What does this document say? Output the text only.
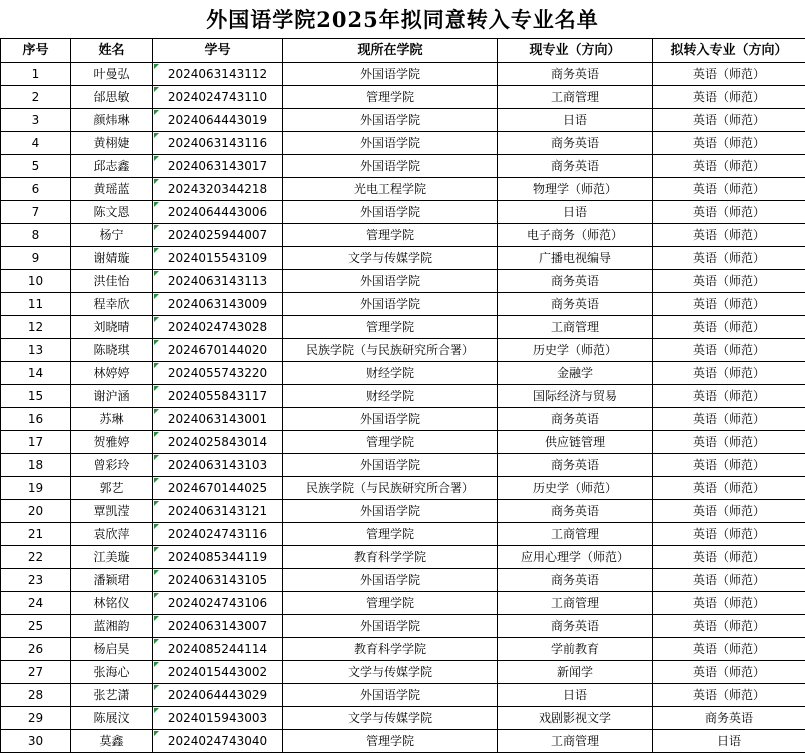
外国语学院2025年拟同意转入专业名单
序号	姓名	学号	现所在学院	现专业（方向）	拟转入专业（方向）
1	叶曼弘	2024063143112	外国语学院	商务英语	英语（师范）
2	邰思敏	2024024743110	管理学院	工商管理	英语（师范）
3	颜炜琳	2024064443019	外国语学院	日语	英语（师范）
4	黄栩婕	2024063143116	外国语学院	商务英语	英语（师范）
5	邱志鑫	2024063143017	外国语学院	商务英语	英语（师范）
6	黄瑶蓝	2024320344218	光电工程学院	物理学（师范）	英语（师范）
7	陈文恩	2024064443006	外国语学院	日语	英语（师范）
8	杨宁	2024025944007	管理学院	电子商务（师范）	英语（师范）
9	谢婧璇	2024015543109	文学与传媒学院	广播电视编导	英语（师范）
10	洪佳怡	2024063143113	外国语学院	商务英语	英语（师范）
11	程幸欣	2024063143009	外国语学院	商务英语	英语（师范）
12	刘晓晴	2024024743028	管理学院	工商管理	英语（师范）
13	陈晓琪	2024670144020	民族学院（与民族研究所合署）	历史学（师范）	英语（师范）
14	林婷婷	2024055743220	财经学院	金融学	英语（师范）
15	谢沪涵	2024055843117	财经学院	国际经济与贸易	英语（师范）
16	苏琳	2024063143001	外国语学院	商务英语	英语（师范）
17	贺雅婷	2024025843014	管理学院	供应链管理	英语（师范）
18	曾彩玲	2024063143103	外国语学院	商务英语	英语（师范）
19	郭艺	2024670144025	民族学院（与民族研究所合署）	历史学（师范）	英语（师范）
20	覃凯滢	2024063143121	外国语学院	商务英语	英语（师范）
21	袁欣萍	2024024743116	管理学院	工商管理	英语（师范）
22	江美璇	2024085344119	教育科学学院	应用心理学（师范）	英语（师范）
23	潘颖珺	2024063143105	外国语学院	商务英语	英语（师范）
24	林铭仪	2024024743106	管理学院	工商管理	英语（师范）
25	蓝湘韵	2024063143007	外国语学院	商务英语	英语（师范）
26	杨启昊	2024085244114	教育科学学院	学前教育	英语（师范）
27	张海心	2024015443002	文学与传媒学院	新闻学	英语（师范）
28	张艺潇	2024064443029	外国语学院	日语	英语（师范）
29	陈展汶	2024015943003	文学与传媒学院	戏剧影视文学	商务英语
30	莫鑫	2024024743040	管理学院	工商管理	日语
